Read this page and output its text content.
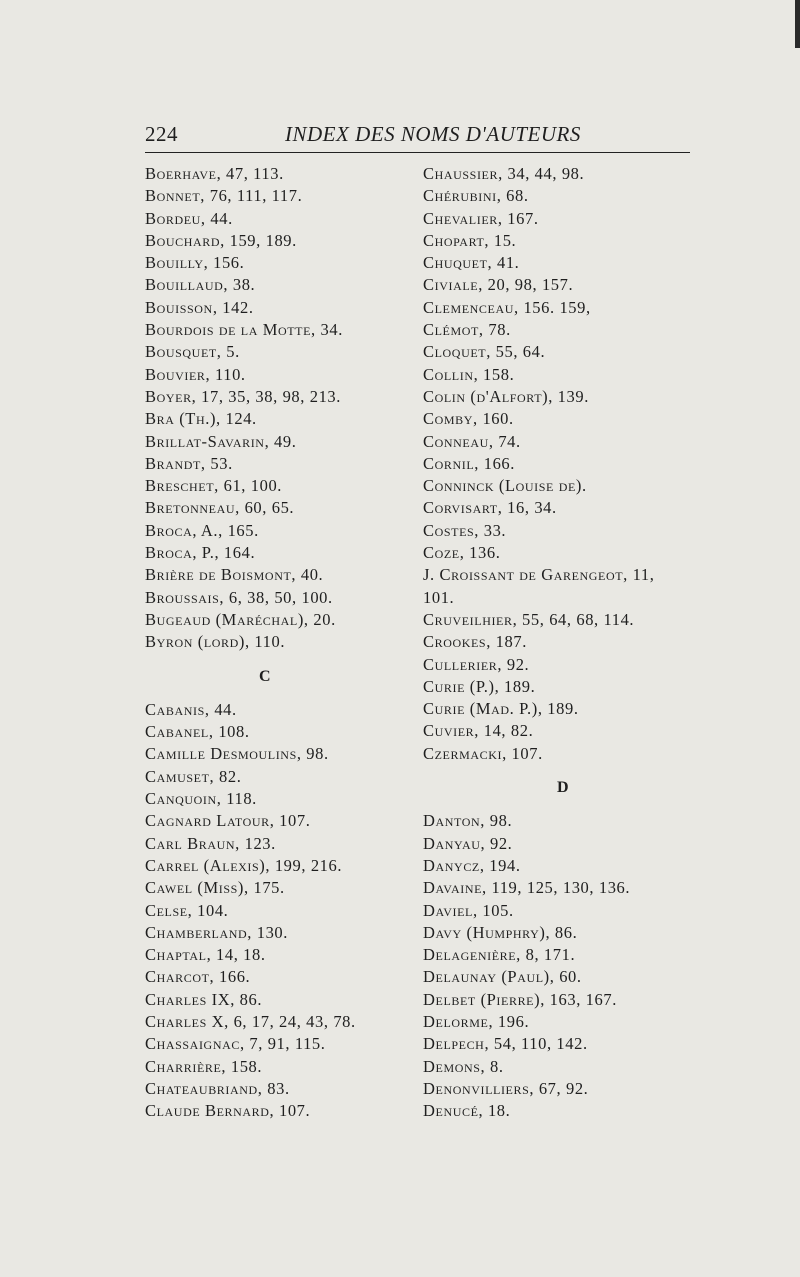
224	INDEX DES NOMS D'AUTEURS
Boerhave, 47, 113.
Bonnet, 76, 111, 117.
Bordeu, 44.
Bouchard, 159, 189.
Bouilly, 156.
Bouillaud, 38.
Bouisson, 142.
Bourdois de la Motte, 34.
Bousquet, 5.
Bouvier, 110.
Boyer, 17, 35, 38, 98, 213.
Bra (Th.), 124.
Brillat-Savarin, 49.
Brandt, 53.
Breschet, 61, 100.
Bretonneau, 60, 65.
Broca, A., 165.
Broca, P., 164.
Brière de Boismont, 40.
Broussais, 6, 38, 50, 100.
Bugeaud (Maréchal), 20.
Byron (lord), 110.
C
Cabanis, 44.
Cabanel, 108.
Camille Desmoulins, 98.
Camuset, 82.
Canquoin, 118.
Cagnard Latour, 107.
Carl Braun, 123.
Carrel (Alexis), 199, 216.
Cawel (Miss), 175.
Celse, 104.
Chamberland, 130.
Chaptal, 14, 18.
Charcot, 166.
Charles IX, 86.
Charles X, 6, 17, 24, 43, 78.
Chassaignac, 7, 91, 115.
Charrière, 158.
Chateaubriand, 83.
Claude Bernard, 107.
Chaussier, 34, 44, 98.
Chérubini, 68.
Chevalier, 167.
Chopart, 15.
Chuquet, 41.
Civiale, 20, 98, 157.
Clemenceau, 156. 159,
Clémot, 78.
Cloquet, 55, 64.
Collin, 158.
Colin (d'Alfort), 139.
Comby, 160.
Conneau, 74.
Cornil, 166.
Conninck (Louise de).
Corvisart, 16, 34.
Costes, 33.
Coze, 136.
J. Croissant de Garengeot, 11,
101.
Cruveilhier, 55, 64, 68, 114.
Crookes, 187.
Cullerier, 92.
Curie (P.), 189.
Curie (Mad. P.), 189.
Cuvier, 14, 82.
Czermacki, 107.
D
Danton, 98.
Danyau, 92.
Danycz, 194.
Davaine, 119, 125, 130, 136.
Daviel, 105.
Davy (Humphry), 86.
Delagenière, 8, 171.
Delaunay (Paul), 60.
Delbet (Pierre), 163, 167.
Delorme, 196.
Delpech, 54, 110, 142.
Demons, 8.
Denonvilliers, 67, 92.
Denucé, 18.
